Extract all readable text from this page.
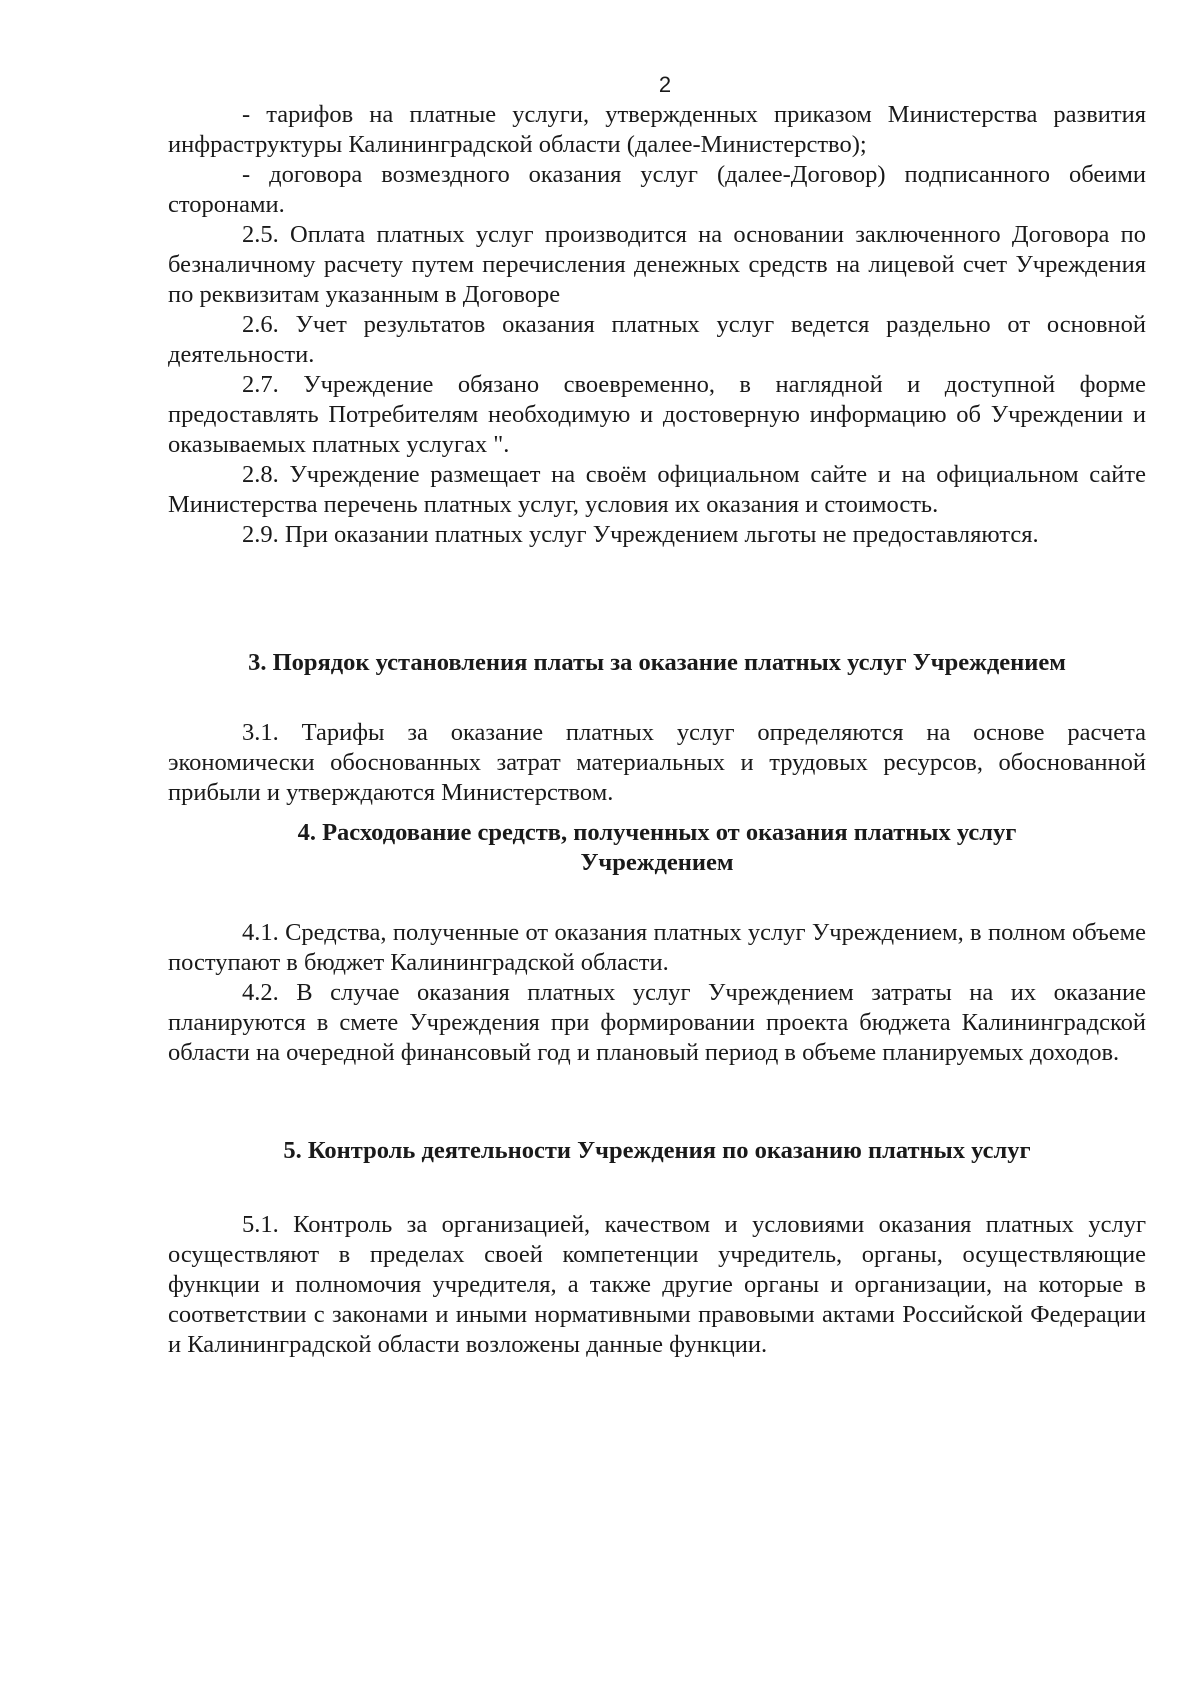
2

- тарифов на платные услуги, утвержденных приказом Министерства развития инфраструктуры Калининградской области (далее-Министерство);

- договора возмездного оказания услуг (далее-Договор) подписанного обеими сторонами.

2.5. Оплата платных услуг производится на основании заключенного Договора по безналичному расчету путем перечисления денежных средств на лицевой счет Учреждения по реквизитам указанным в Договоре

2.6. Учет результатов оказания платных услуг ведется раздельно от основной деятельности.

2.7. Учреждение обязано своевременно, в наглядной и доступной форме предоставлять Потребителям необходимую и достоверную информацию об Учреждении и оказываемых платных услугах ".

2.8. Учреждение размещает на своём официальном сайте и на официальном сайте Министерства перечень платных услуг, условия их оказания и стоимость.

2.9. При оказании платных услуг Учреждением льготы не предоставляются.

3. Порядок установления платы за оказание платных услуг Учреждением

3.1. Тарифы за оказание платных услуг определяются на основе расчета экономически обоснованных затрат материальных и трудовых ресурсов, обоснованной прибыли и утверждаются Министерством.

4. Расходование средств, полученных от оказания платных услуг
Учреждением

4.1. Средства, полученные от оказания платных услуг Учреждением, в полном объеме поступают в бюджет Калининградской области.

4.2. В случае оказания платных услуг Учреждением затраты на их оказание планируются в смете Учреждения при формировании проекта бюджета Калининградской области на очередной финансовый год и плановый период в объеме планируемых доходов.

5. Контроль деятельности Учреждения по оказанию платных услуг

5.1. Контроль за организацией, качеством и условиями оказания платных услуг осуществляют в пределах своей компетенции учредитель, органы, осуществляющие функции и полномочия учредителя, а также другие органы и организации, на которые в соответствии с законами и иными нормативными правовыми актами Российской Федерации и Калининградской области возложены данные функции.
